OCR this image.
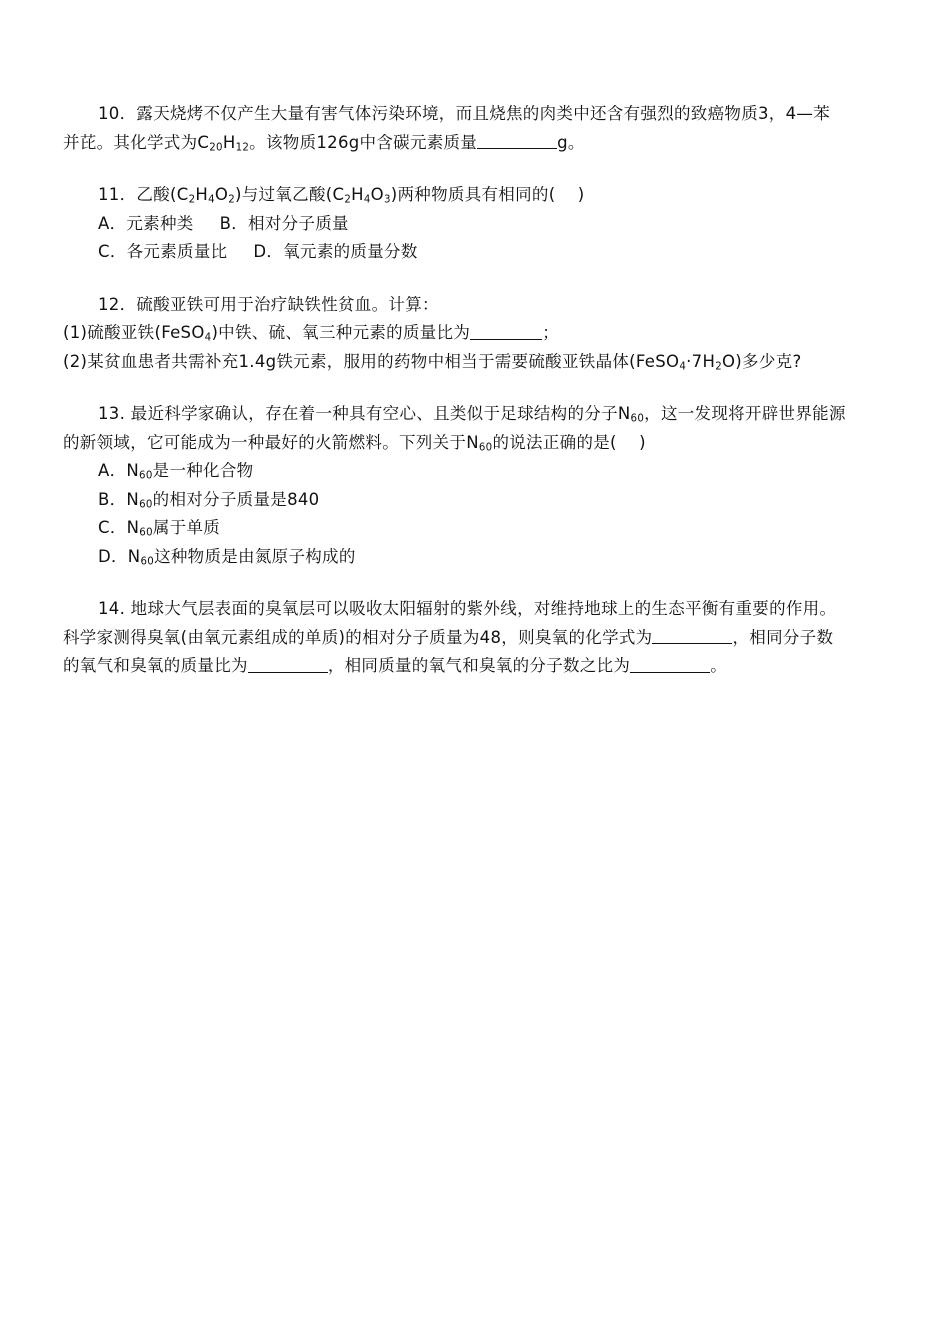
10．露天烧烤不仅产生大量有害气体污染环境，而且烧焦的肉类中还含有强烈的致癌物质3，4—苯
并芘。其化学式为$C_{20}H_{12}$。该物质126g中含碳元素质量	g。
11．乙酸$(C_2H_4O_2)$与过氧乙酸$(C_2H_4O_3)$两种物质具有相同的(　 )
A．元素种类 B．相对分子质量
C．各元素质量比 D．氧元素的质量分数
12．硫酸亚铁可用于治疗缺铁性贫血。计算：
(1)硫酸亚铁(FeSO$_4$)中铁、硫、氧三种元素的质量比为	；
(2)某贫血患者共需补充1.4g铁元素，服用的药物中相当于需要硫酸亚铁晶体$(FeSO_4\cdot 7H_2O)$多少克?
13. 最近科学家确认，存在着一种具有空心、且类似于足球结构的分子$N_{60}$，这一发现将开辟世界能源
的新领域，它可能成为一种最好的火箭燃料。下列关于$N_{60}$的说法正确的是(　 )
A．$N_{60}$是一种化合物
B．$N_{60}$的相对分子质量是840
C．$N_{60}$属于单质
D．$N_{60}$这种物质是由氮原子构成的
14. 地球大气层表面的臭氧层可以吸收太阳辐射的紫外线，对维持地球上的生态平衡有重要的作用。
科学家测得臭氧(由氧元素组成的单质)的相对分子质量为48，则臭氧的化学式为	，相同分子数
的氧气和臭氧的质量比为	，相同质量的氧气和臭氧的分子数之比为	。
